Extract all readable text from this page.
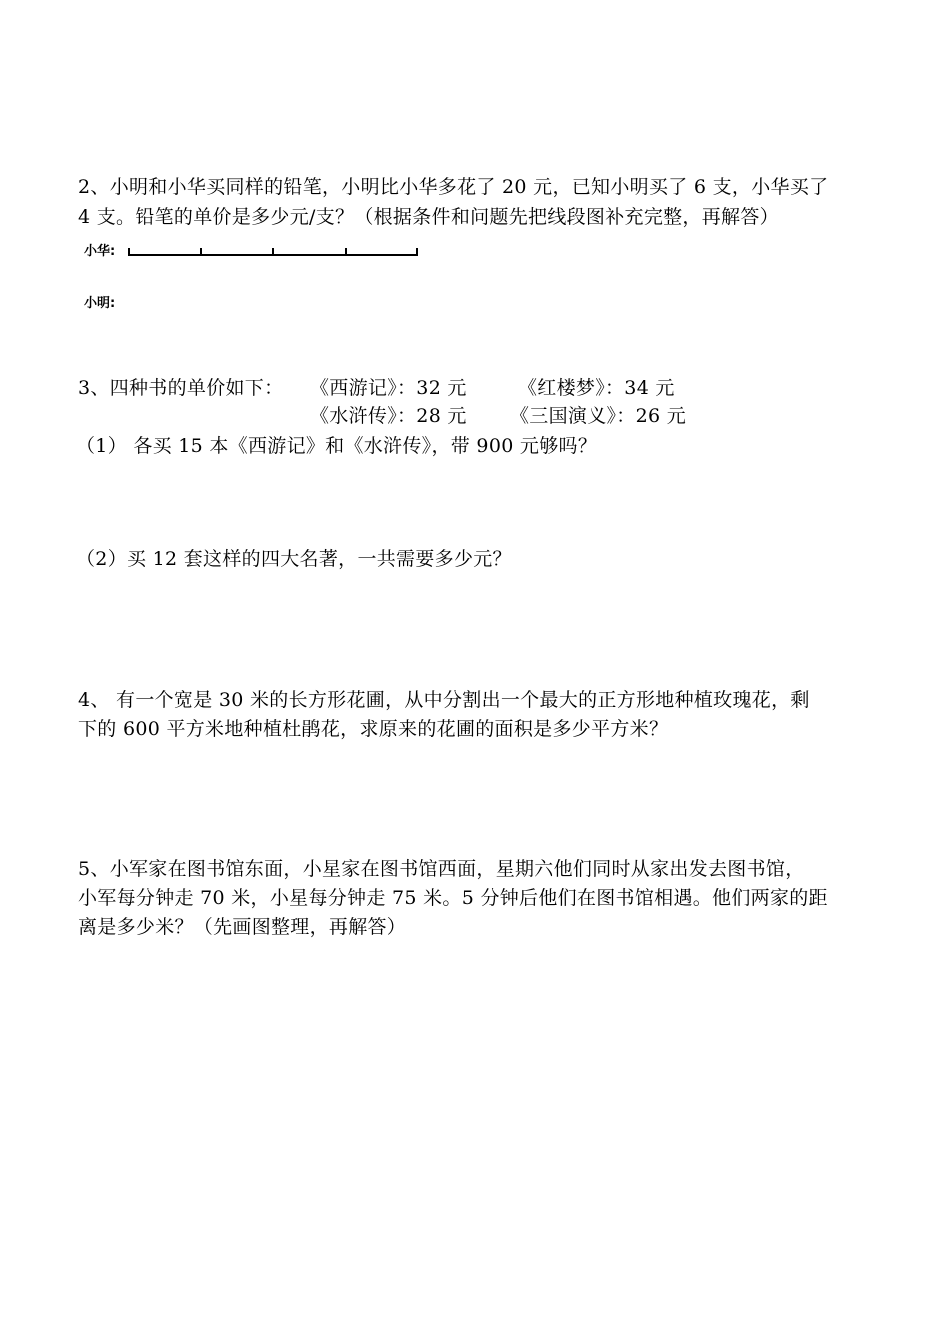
2、小明和小华买同样的铅笔，小明比小华多花了 20 元，已知小明买了 6 支，小华买了
4 支。铅笔的单价是多少元/支？（根据条件和问题先把线段图补充完整，再解答）
小华:
小明:
3、四种书的单价如下： 《西游记》：32 元	《红楼梦》：34 元
《水浒传》：28 元 《三国演义》：26 元
（1） 各买 15 本《西游记》和《水浒传》，带 900 元够吗？
（2）买 12 套这样的四大名著，一共需要多少元？
4、 有一个宽是 30 米的长方形花圃，从中分割出一个最大的正方形地种植玫瑰花，剩
下的 600 平方米地种植杜鹃花，求原来的花圃的面积是多少平方米？
5、小军家在图书馆东面，小星家在图书馆西面，星期六他们同时从家出发去图书馆，
小军每分钟走 70 米，小星每分钟走 75 米。5 分钟后他们在图书馆相遇。他们两家的距
离是多少米？（先画图整理，再解答）
